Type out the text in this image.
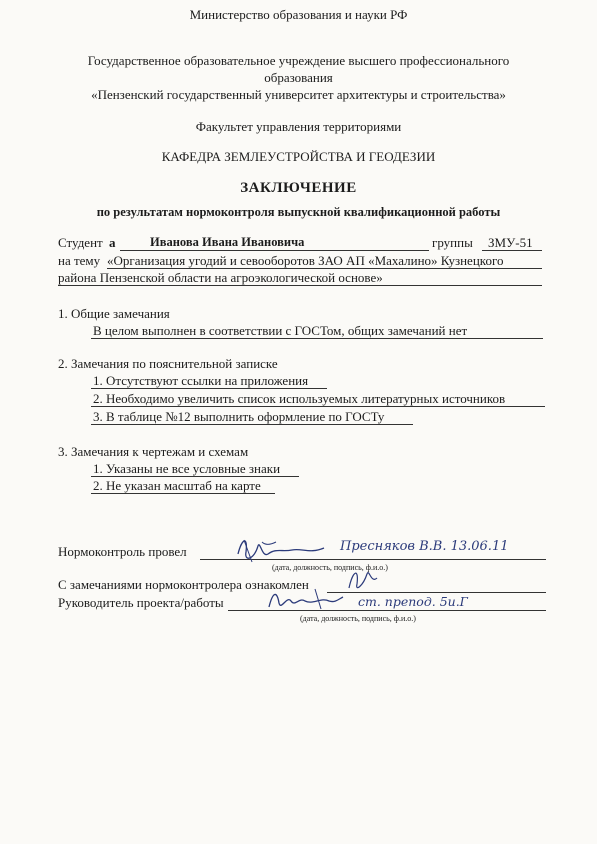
Министерство образования и науки РФ
Государственное образовательное учреждение высшего профессионального
образования
«Пензенский государственный университет архитектуры и строительства»
Факультет управления территориями
КАФЕДРА ЗЕМЛЕУСТРОЙСТВА И ГЕОДЕЗИИ
ЗАКЛЮЧЕНИЕ
по результатам нормоконтроля выпускной квалификационной работы
Студент а	Иванова Ивана Ивановича	группы ЗМУ-51
на тему «Организация угодий и севооборотов ЗАО АП «Махалино» Кузнецкого
района Пензенской области на агроэкологической основе»
1. Общие замечания
В целом выполнен в соответствии с ГОСТом, общих замечаний нет
2. Замечания по пояснительной записке
1. Отсутствуют ссылки на приложения
2. Необходимо увеличить список используемых литературных источников
3. В таблице №12 выполнить оформление по ГОСТу
3. Замечания к чертежам и схемам
1. Указаны не все условные знаки
2. Не указан масштаб на карте
Нормоконтроль провел	Пресняков В.В. 13.06.11
(дата, должность, подпись, ф.и.о.)
С замечаниями нормоконтролера ознакомлен
Руководитель проекта/работы	ст. препод. 5и.Г
(дата, должность, подпись, ф.и.о.)
